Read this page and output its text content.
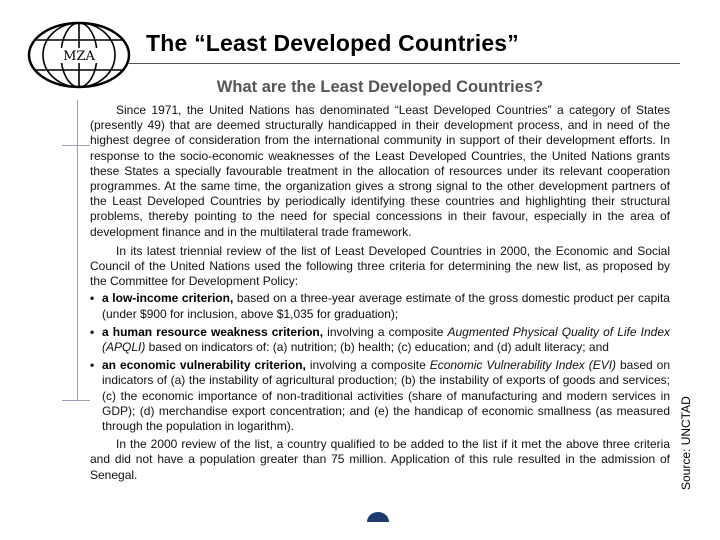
MZA
The “Least Developed Countries”
What are the Least Developed Countries?

Since 1971, the United Nations has denominated “Least Developed Countries” a category of States (presently 49) that are deemed structurally handicapped in their development process, and in need of the highest degree of consideration from the international community in support of their development efforts. In response to the socio-economic weaknesses of the Least Developed Countries, the United Nations grants these States a specially favourable treatment in the allocation of resources under its relevant cooperation programmes. At the same time, the organization gives a strong signal to the other development partners of the Least Developed Countries by periodically identifying these countries and highlighting their structural problems, thereby pointing to the need for special concessions in their favour, especially in the area of development finance and in the multilateral trade framework.

In its latest triennial review of the list of Least Developed Countries in 2000, the Economic and Social Council of the United Nations used the following three criteria for determining the new list, as proposed by the Committee for Development Policy:

• a low-income criterion, based on a three-year average estimate of the gross domestic product per capita (under $900 for inclusion, above $1,035 for graduation);
• a human resource weakness criterion, involving a composite Augmented Physical Quality of Life Index (APQLI) based on indicators of: (a) nutrition; (b) health; (c) education; and (d) adult literacy; and
• an economic vulnerability criterion, involving a composite Economic Vulnerability Index (EVI) based on indicators of (a) the instability of agricultural production; (b) the instability of exports of goods and services; (c) the economic importance of non-traditional activities (share of manufacturing and modern services in GDP); (d) merchandise export concentration; and (e) the handicap of economic smallness (as measured through the population in logarithm).

In the 2000 review of the list, a country qualified to be added to the list if it met the above three criteria and did not have a population greater than 75 million. Application of this rule resulted in the admission of Senegal.	Source: UNCTAD
